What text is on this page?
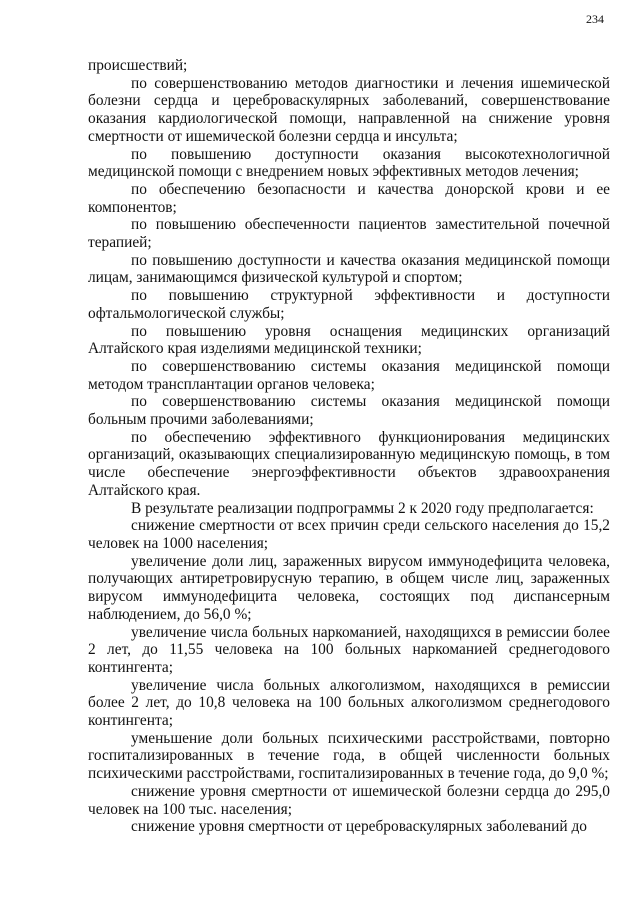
234

происшествий;

по совершенствованию методов диагностики и лечения ишемической болезни сердца и цереброваскулярных заболеваний, совершенствование оказания кардиологической помощи, направленной на снижение уровня смертности от ишемической болезни сердца и инсульта;

по повышению доступности оказания высокотехнологичной медицинской помощи с внедрением новых эффективных методов лечения;

по обеспечению безопасности и качества донорской крови и ее компонентов;

по повышению обеспеченности пациентов заместительной почечной терапией;

по повышению доступности и качества оказания медицинской помощи лицам, занимающимся физической культурой и спортом;

по повышению структурной эффективности и доступности офтальмологической службы;

по повышению уровня оснащения медицинских организаций Алтайского края изделиями медицинской техники;

по совершенствованию системы оказания медицинской помощи методом трансплантации органов человека;

по совершенствованию системы оказания медицинской помощи больным прочими заболеваниями;

по обеспечению эффективного функционирования медицинских организаций, оказывающих специализированную медицинскую помощь, в том числе обеспечение энергоэффективности объектов здравоохранения Алтайского края.

В результате реализации подпрограммы 2 к 2020 году предполагается:

снижение смертности от всех причин среди сельского населения до 15,2 человек на 1000 населения;

увеличение доли лиц, зараженных вирусом иммунодефицита человека, получающих антиретровирусную терапию, в общем числе лиц, зараженных вирусом иммунодефицита человека, состоящих под диспансерным наблюдением, до 56,0 %;

увеличение числа больных наркоманией, находящихся в ремиссии более 2 лет, до 11,55 человека на 100 больных наркоманией среднегодового контингента;

увеличение числа больных алкоголизмом, находящихся в ремиссии более 2 лет, до 10,8 человека на 100 больных алкоголизмом среднегодового контингента;

уменьшение доли больных психическими расстройствами, повторно госпитализированных в течение года, в общей численности больных психическими расстройствами, госпитализированных в течение года, до 9,0 %;

снижение уровня смертности от ишемической болезни сердца до 295,0 человек на 100 тыс. населения;

снижение уровня смертности от цереброваскулярных заболеваний до
